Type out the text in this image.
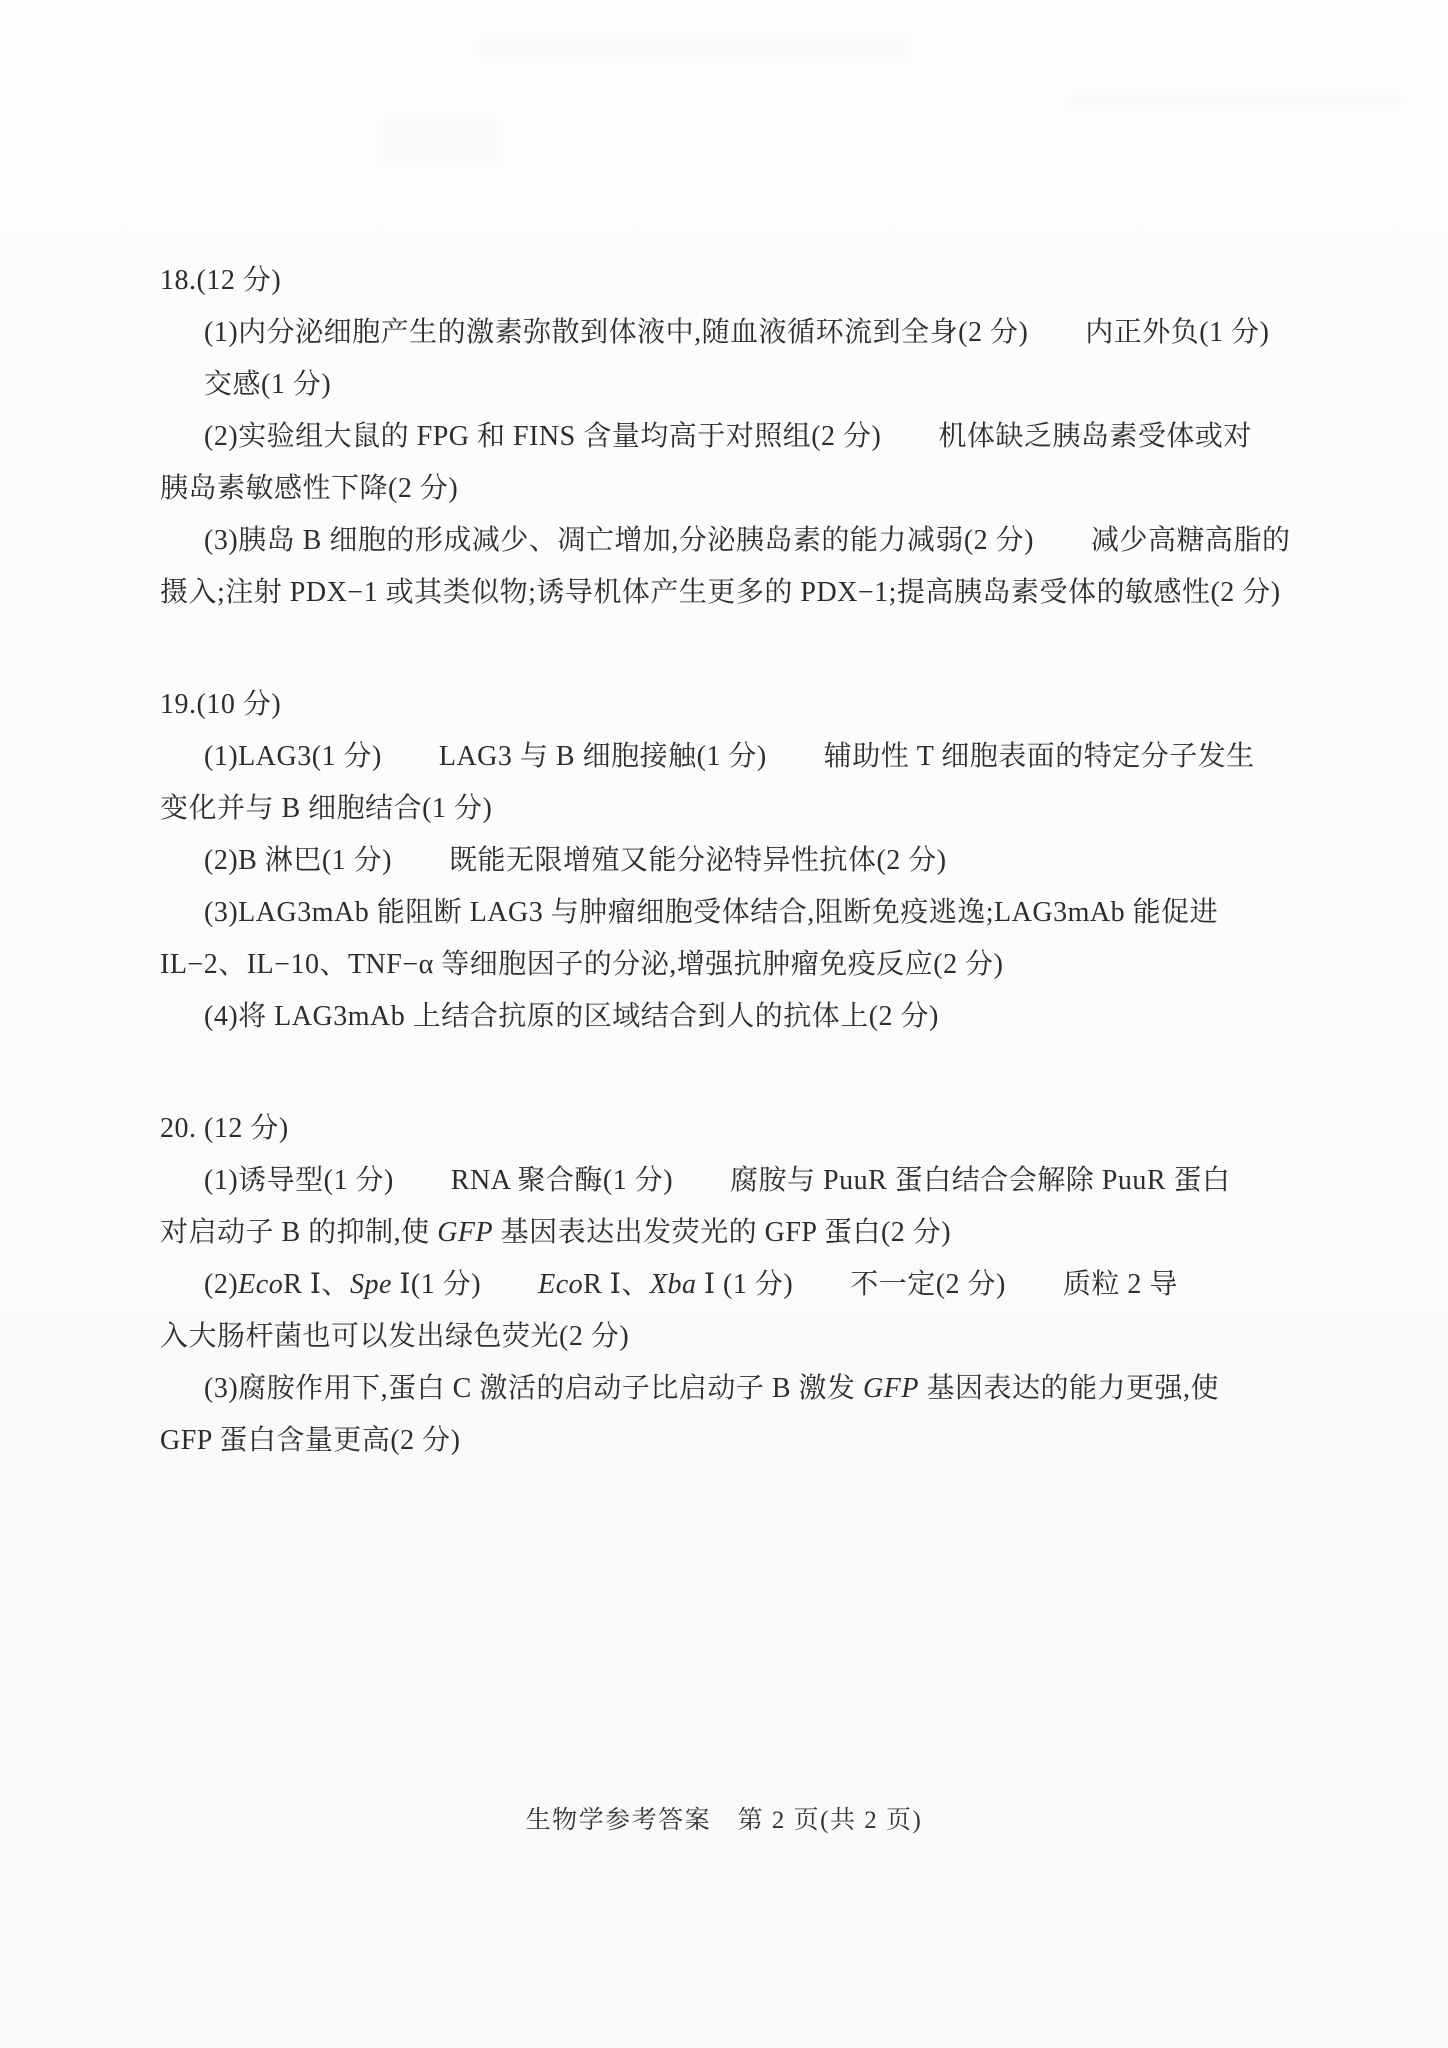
18.(12 分)
(1)内分泌细胞产生的激素弥散到体液中,随血液循环流到全身(2 分)　　内正外负(1 分)
交感(1 分)
(2)实验组大鼠的 FPG 和 FINS 含量均高于对照组(2 分)　　机体缺乏胰岛素受体或对
胰岛素敏感性下降(2 分)
(3)胰岛 B 细胞的形成减少、凋亡增加,分泌胰岛素的能力减弱(2 分)　　减少高糖高脂的
摄入;注射 PDX−1 或其类似物;诱导机体产生更多的 PDX−1;提高胰岛素受体的敏感性(2 分)
19.(10 分)
(1)LAG3(1 分)　　LAG3 与 B 细胞接触(1 分)　　辅助性 T 细胞表面的特定分子发生
变化并与 B 细胞结合(1 分)
(2)B 淋巴(1 分)　　既能无限增殖又能分泌特异性抗体(2 分)
(3)LAG3mAb 能阻断 LAG3 与肿瘤细胞受体结合,阻断免疫逃逸;LAG3mAb 能促进
IL−2、IL−10、TNF−α 等细胞因子的分泌,增强抗肿瘤免疫反应(2 分)
(4)将 LAG3mAb 上结合抗原的区域结合到人的抗体上(2 分)
20. (12 分)
(1)诱导型(1 分)　　RNA 聚合酶(1 分)　　腐胺与 PuuR 蛋白结合会解除 PuuR 蛋白
对启动子 B 的抑制,使 GFP 基因表达出发荧光的 GFP 蛋白(2 分)
(2)EcoR Ⅰ、Spe Ⅰ(1 分)　　EcoR Ⅰ、Xba Ⅰ (1 分)　　不一定(2 分)　　质粒 2 导
入大肠杆菌也可以发出绿色荧光(2 分)
(3)腐胺作用下,蛋白 C 激活的启动子比启动子 B 激发 GFP 基因表达的能力更强,使
GFP 蛋白含量更高(2 分)
生物学参考答案　第 2 页(共 2 页)
